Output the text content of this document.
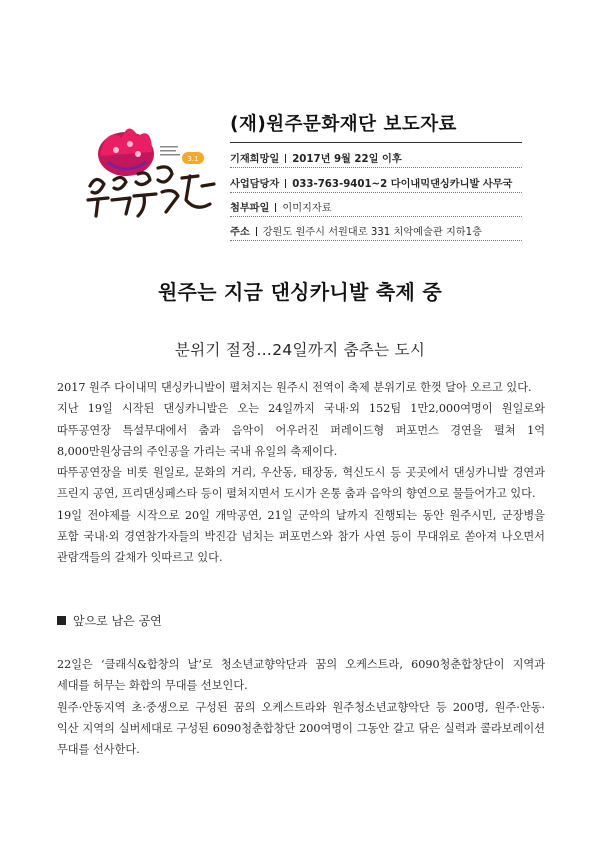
3.1
(재)원주문화재단 보도자료
기재희망일 2017년 9월 22일 이후
사업담당자 033-763-9401~2 다이내믹댄싱카니발 사무국
첨부파일 이미지자료
주소 강원도 원주시 서원대로 331 치악예술관 지하1층
원주는 지금 댄싱카니발 축제 중
분위기 절정…24일까지 춤추는 도시

2017 원주 다이내믹 댄싱카니발이 펼쳐지는 원주시 전역이 축제 분위기로 한껏 달아 오르고 있다.

지난 19일 시작된 댄싱카니발은 오는 24일까지 국내·외 152팀 1만2,000여명이 원일로와 따뚜공연장 특설무대에서 춤과 음악이 어우러진 퍼레이드형 퍼포먼스 경연을 펼쳐 1억 8,000만원상금의 주인공을 가리는 국내 유일의 축제이다.

따뚜공연장을 비롯 원일로, 문화의 거리, 우산동, 태장동, 혁신도시 등 곳곳에서 댄싱카니발 경연과 프린지 공연, 프리댄싱페스타 등이 펼쳐지면서 도시가 온통 춤과 음악의 향연으로 물들어가고 있다.

19일 전야제를 시작으로 20일 개막공연, 21일 군악의 날까지 진행되는 동안 원주시민, 군장병을 포함 국내·외 경연참가자들의 박진감 넘치는 퍼포먼스와 참가 사연 등이 무대위로 쏟아져 나오면서 관람객들의 갈채가 잇따르고 있다.

앞으로 남은 공연

22일은 ‘클래식&합창의 날’로 청소년교향악단과 꿈의 오케스트라, 6090청춘합창단이 지역과 세대를 허무는 화합의 무대를 선보인다.

원주·안동지역 초·중생으로 구성된 꿈의 오케스트라와 원주청소년교향악단 등 200명, 원주·안동·익산 지역의 실버세대로 구성된 6090청춘합창단 200여명이 그동안 갈고 닦은 실력과 콜라보레이션 무대를 선사한다.
